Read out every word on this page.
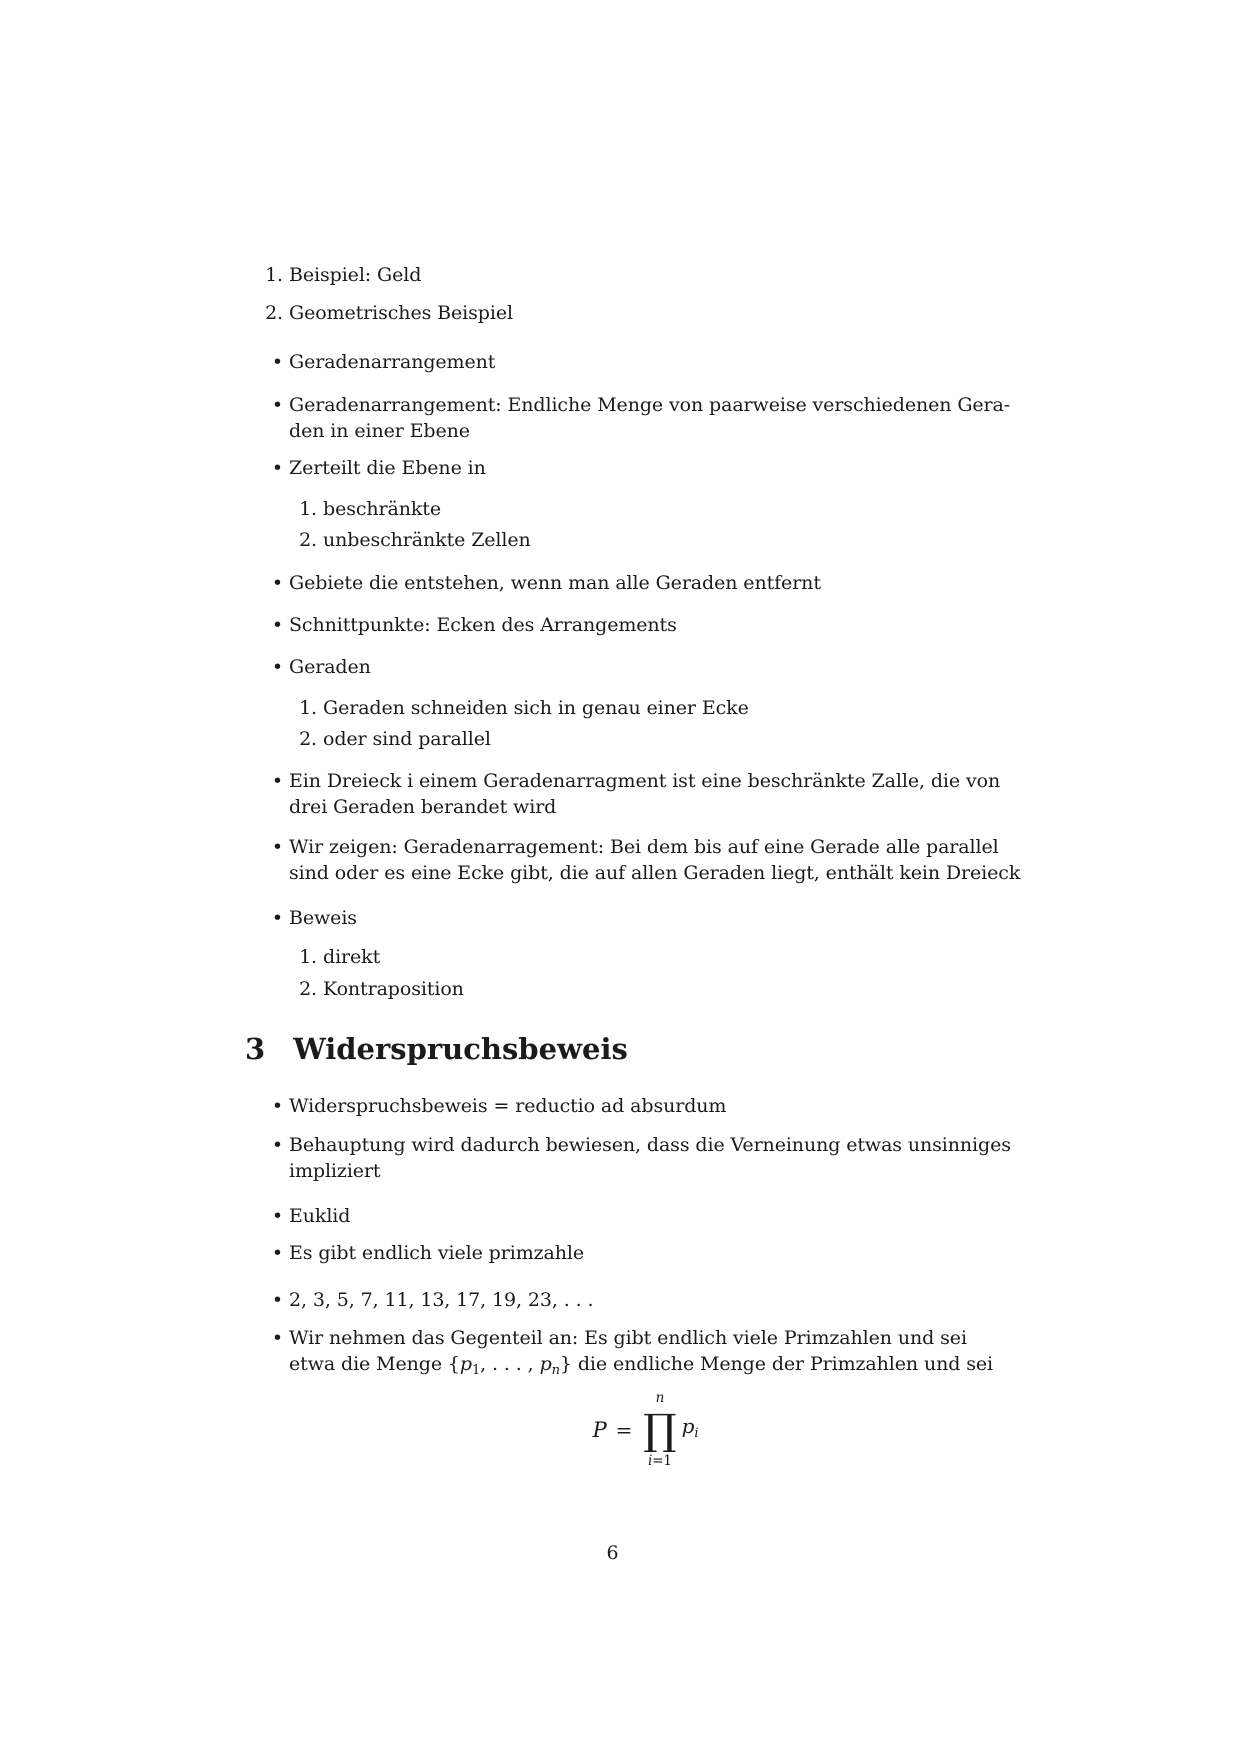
1. Beispiel: Geld
2. Geometrisches Beispiel
• Geradenarrangement
• Geradenarrangement: Endliche Menge von paarweise verschiedenen Gera-
den in einer Ebene
• Zerteilt die Ebene in
1. beschränkte
2. unbeschränkte Zellen
• Gebiete die entstehen, wenn man alle Geraden entfernt
• Schnittpunkte: Ecken des Arrangements
• Geraden
1. Geraden schneiden sich in genau einer Ecke
2. oder sind parallel
• Ein Dreieck i einem Geradenarragment ist eine beschränkte Zalle, die von
drei Geraden berandet wird
• Wir zeigen: Geradenarragement: Bei dem bis auf eine Gerade alle parallel
sind oder es eine Ecke gibt, die auf allen Geraden liegt, enthält kein Dreieck
• Beweis
1. direkt
2. Kontraposition
3 Widerspruchsbeweis
• Widerspruchsbeweis = reductio ad absurdum
• Behauptung wird dadurch bewiesen, dass die Verneinung etwas unsinniges
impliziert
• Euklid
• Es gibt endlich viele primzahle
• 2, 3, 5, 7, 11, 13, 17, 19, 23, . . .
• Wir nehmen das Gegenteil an: Es gibt endlich viele Primzahlen und sei
etwa die Menge {$p_1$, . . . , $p_n$} die endliche Menge der Primzahlen und sei
P =
n
∏
i=1
$p_i$
6
